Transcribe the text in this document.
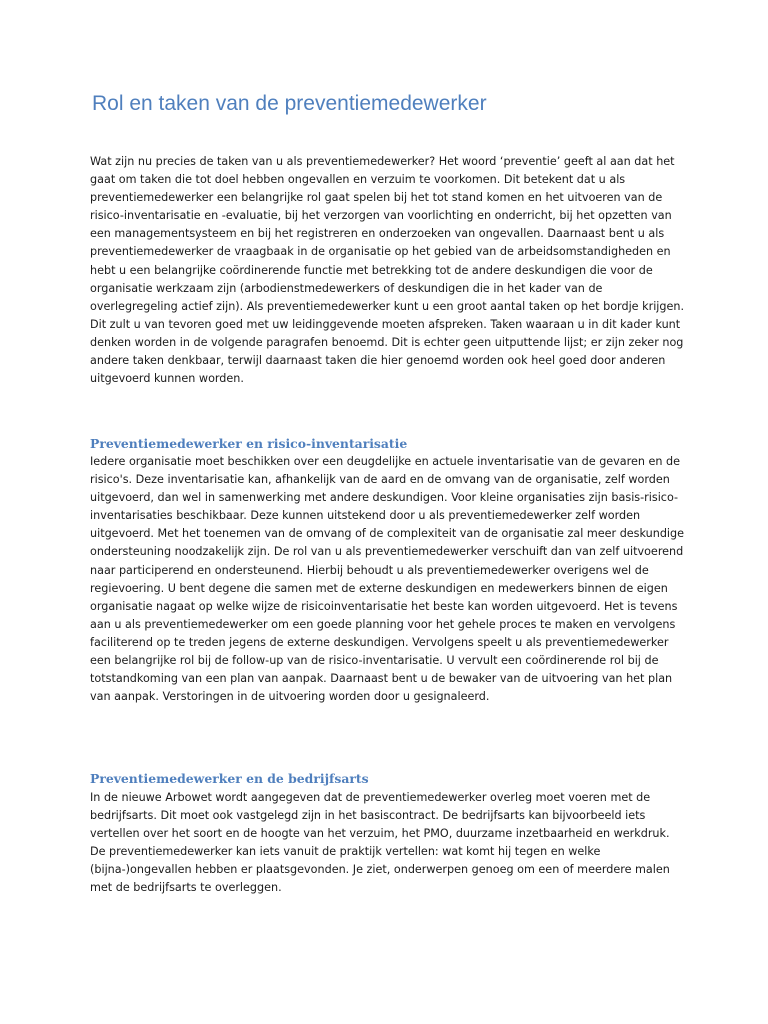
Rol en taken van de preventiemedewerker

Wat zijn nu precies de taken van u als preventiemedewerker? Het woord ‘preventie’ geeft al aan dat het gaat om taken die tot doel hebben ongevallen en verzuim te voorkomen. Dit betekent dat u als preventiemedewerker een belangrijke rol gaat spelen bij het tot stand komen en het uitvoeren van de risico-inventarisatie en -evaluatie, bij het verzorgen van voorlichting en onderricht, bij het opzetten van een managementsysteem en bij het registreren en onderzoeken van ongevallen. Daarnaast bent u als preventiemedewerker de vraagbaak in de organisatie op het gebied van de arbeidsomstandigheden en hebt u een belangrijke coördinerende functie met betrekking tot de andere deskundigen die voor de organisatie werkzaam zijn (arbodienstmedewerkers of deskundigen die in het kader van de overlegregeling actief zijn). Als preventiemedewerker kunt u een groot aantal taken op het bordje krijgen. Dit zult u van tevoren goed met uw leidinggevende moeten afspreken. Taken waaraan u in dit kader kunt denken worden in de volgende paragrafen benoemd. Dit is echter geen uitputtende lijst; er zijn zeker nog andere taken denkbaar, terwijl daarnaast taken die hier genoemd worden ook heel goed door anderen uitgevoerd kunnen worden.

Preventiemedewerker en risico-inventarisatie

Iedere organisatie moet beschikken over een deugdelijke en actuele inventarisatie van de gevaren en de risico's. Deze inventarisatie kan, afhankelijk van de aard en de omvang van de organisatie, zelf worden uitgevoerd, dan wel in samenwerking met andere deskundigen. Voor kleine organisaties zijn basis-risico-inventarisaties beschikbaar. Deze kunnen uitstekend door u als preventiemedewerker zelf worden uitgevoerd. Met het toenemen van de omvang of de complexiteit van de organisatie zal meer deskundige ondersteuning noodzakelijk zijn. De rol van u als preventiemedewerker verschuift dan van zelf uitvoerend naar participerend en ondersteunend. Hierbij behoudt u als preventiemedewerker overigens wel de regievoering. U bent degene die samen met de externe deskundigen en medewerkers binnen de eigen organisatie nagaat op welke wijze de risicoinventarisatie het beste kan worden uitgevoerd. Het is tevens aan u als preventiemedewerker om een goede planning voor het gehele proces te maken en vervolgens faciliterend op te treden jegens de externe deskundigen. Vervolgens speelt u als preventiemedewerker een belangrijke rol bij de follow-up van de risico-inventarisatie. U vervult een coördinerende rol bij de totstandkoming van een plan van aanpak. Daarnaast bent u de bewaker van de uitvoering van het plan van aanpak. Verstoringen in de uitvoering worden door u gesignaleerd.

Preventiemedewerker en de bedrijfsarts

In de nieuwe Arbowet wordt aangegeven dat de preventiemedewerker overleg moet voeren met de bedrijfsarts. Dit moet ook vastgelegd zijn in het basiscontract. De bedrijfsarts kan bijvoorbeeld iets vertellen over het soort en de hoogte van het verzuim, het PMO, duurzame inzetbaarheid en werkdruk. De preventiemedewerker kan iets vanuit de praktijk vertellen: wat komt hij tegen en welke (bijna-)ongevallen hebben er plaatsgevonden. Je ziet, onderwerpen genoeg om een of meerdere malen met de bedrijfsarts te overleggen.
